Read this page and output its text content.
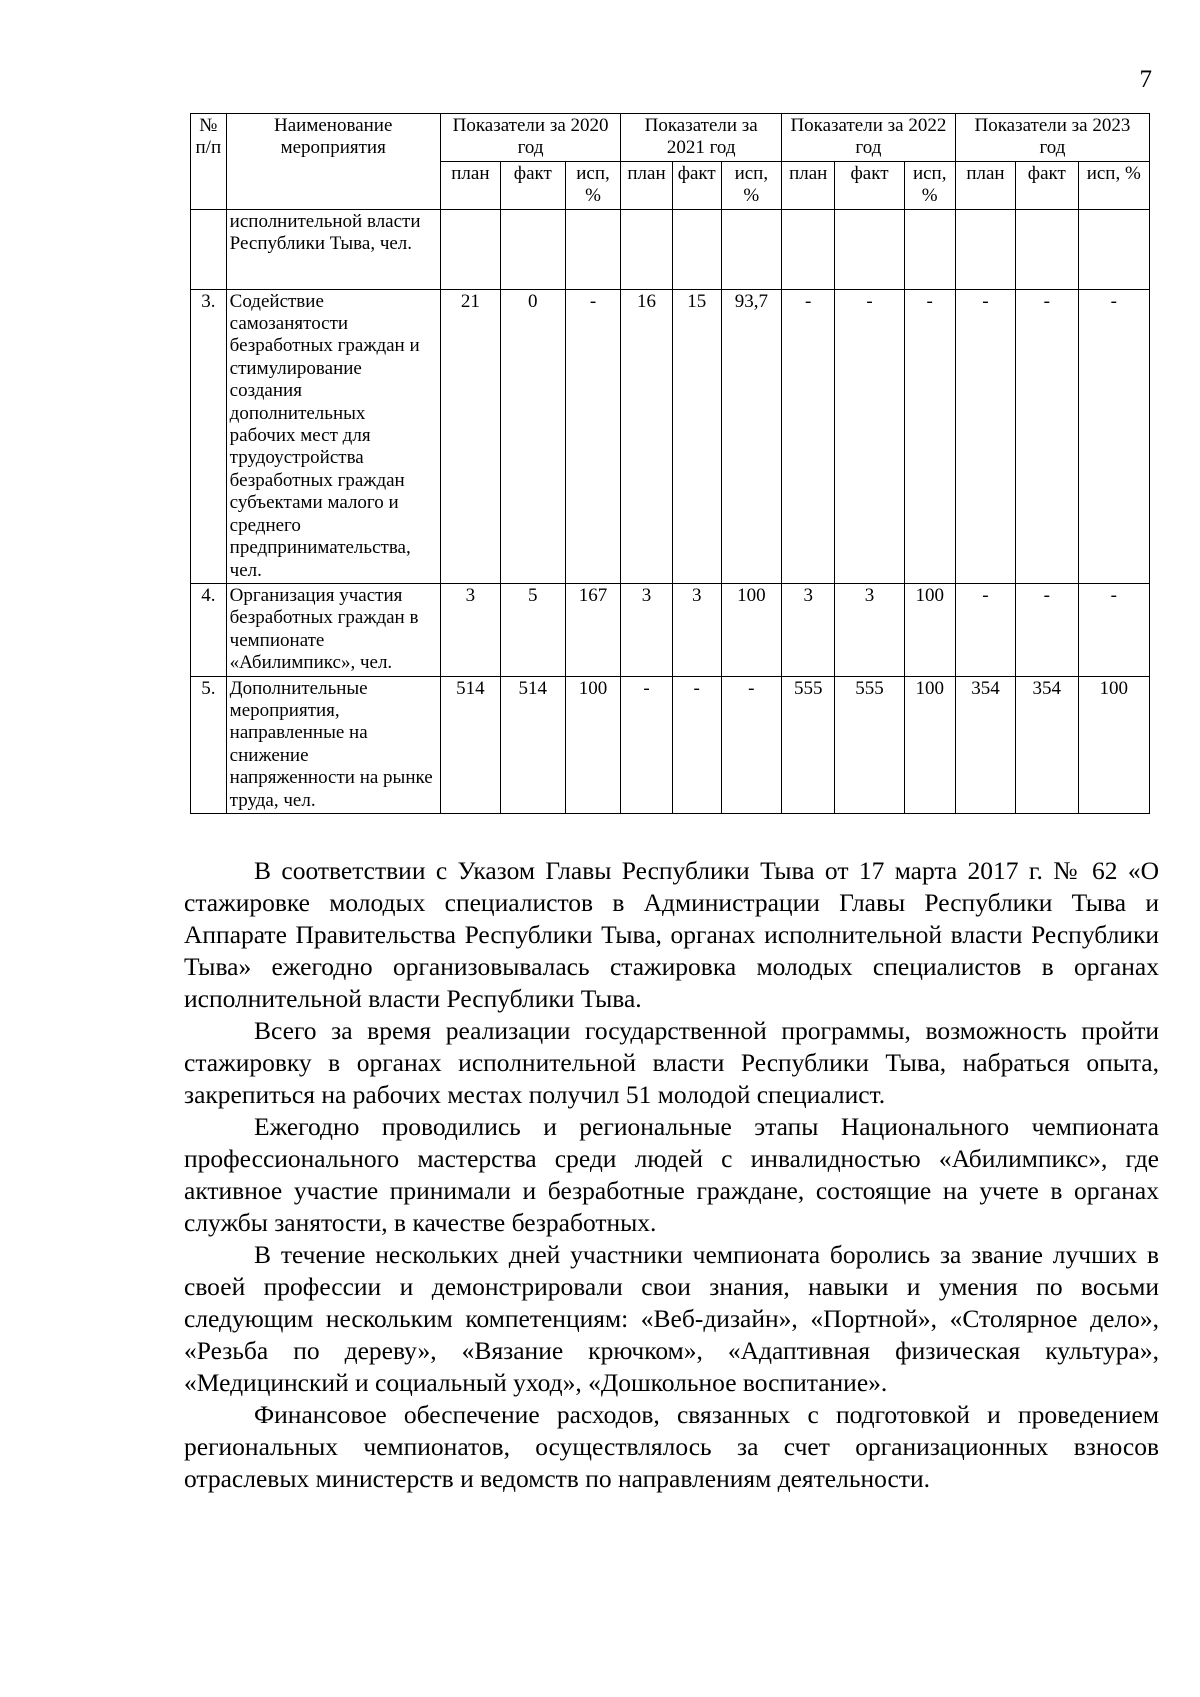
7
№ п/п	Наименование мероприятия	Показатели за 2020 год			Показатели за 2021 год			Показатели за 2022 год			Показатели за 2023 год		
		план	факт	исп, %	план	факт	исп, %	план	факт	исп, %	план	факт	исп, %
	исполнительной власти Республики Тыва, чел.												
3.	Содействие самозанятости безработных граждан и стимулирование создания дополнительных рабочих мест для трудоустройства безработных граждан субъектами малого и среднего предпринимательства, чел.	21	0	-	16	15	93,7	-	-	-	-	-	-
4.	Организация участия безработных граждан в чемпионате «Абилимпикс», чел.	3	5	167	3	3	100	3	3	100	-	-	-
5.	Дополнительные мероприятия, направленные на снижение напряженности на рынке труда, чел.	514	514	100	-	-	-	555	555	100	354	354	100

В соответствии с Указом Главы Республики Тыва от 17 марта 2017 г. № 62 «О стажировке молодых специалистов в Администрации Главы Республики Тыва и Аппарате Правительства Республики Тыва, органах исполнительной власти Республики Тыва» ежегодно организовывалась стажировка молодых специалистов в органах исполнительной власти Республики Тыва.

Всего за время реализации государственной программы, возможность пройти стажировку в органах исполнительной власти Республики Тыва, набраться опыта, закрепиться на рабочих местах получил 51 молодой специалист.

Ежегодно проводились и региональные этапы Национального чемпионата профессионального мастерства среди людей с инвалидностью «Абилимпикс», где активное участие принимали и безработные граждане, состоящие на учете в органах службы занятости, в качестве безработных.

В течение нескольких дней участники чемпионата боролись за звание лучших в своей профессии и демонстрировали свои знания, навыки и умения по восьми следующим нескольким компетенциям: «Веб-дизайн», «Портной», «Столярное дело», «Резьба по дереву», «Вязание крючком», «Адаптивная физическая культура», «Медицинский и социальный уход», «Дошкольное воспитание».

Финансовое обеспечение расходов, связанных с подготовкой и проведением региональных чемпионатов, осуществлялось за счет организационных взносов отраслевых министерств и ведомств по направлениям деятельности.
